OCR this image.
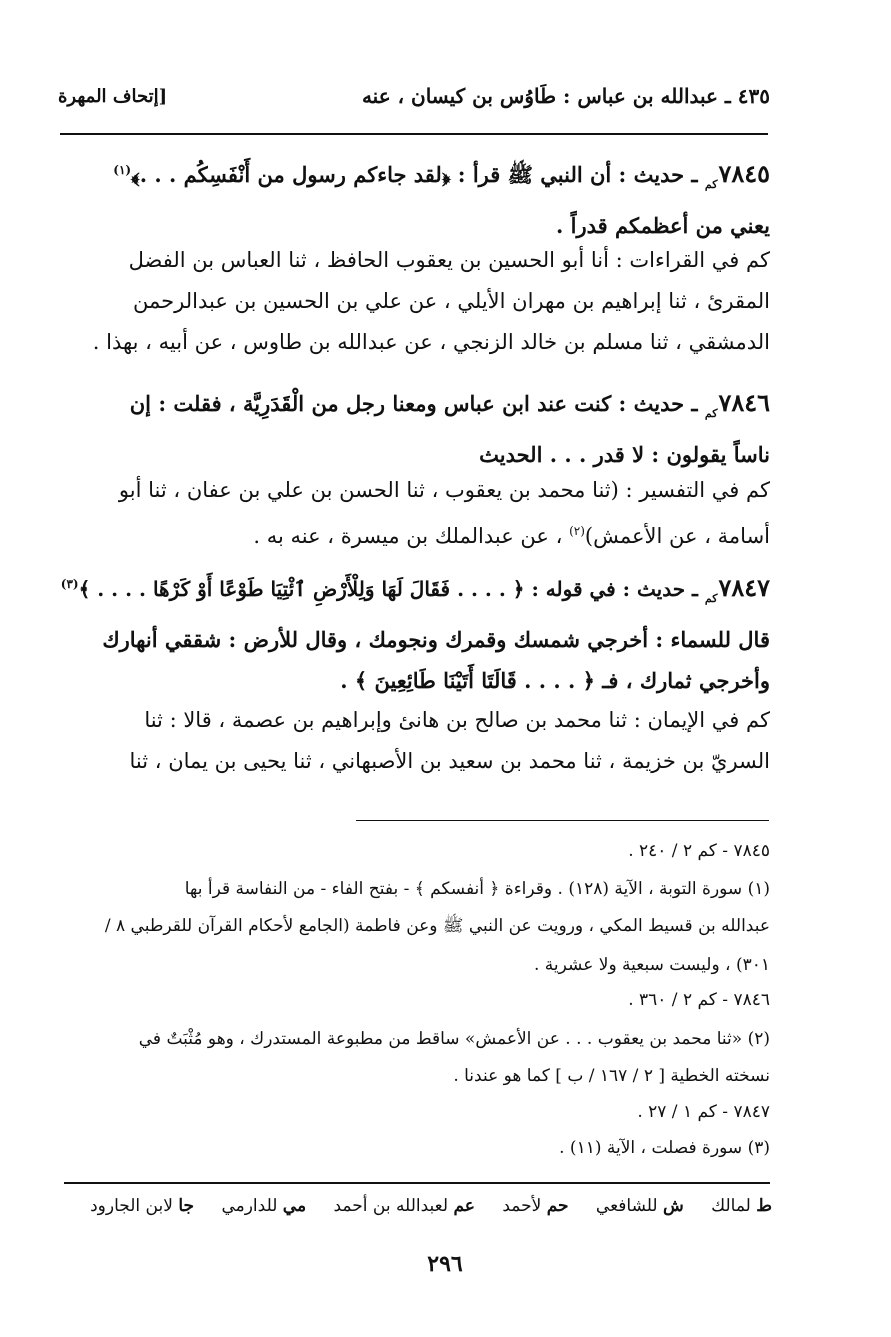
٤٣٥ ـ عبدالله بن عباس : طَاوُس بن كيسان ، عنه
[إتحاف المهرة
$٧٨٤٥_{كم}$ ـ حديث : أن النبي ﷺ قرأ : ﴿لقد جاءكم رسول من أَنْفَسِكُم . . .﴾$^{(١)}$
يعني من أعظمكم قدراً .
كم في القراءات : أنا أبو الحسين بن يعقوب الحافظ ، ثنا العباس بن الفضل
المقرئ ، ثنا إبراهيم بن مهران الأيلي ، عن علي بن الحسين بن عبدالرحمن
الدمشقي ، ثنا مسلم بن خالد الزنجي ، عن عبدالله بن طاوس ، عن أبيه ، بهذا .
$٧٨٤٦_{كم}$ ـ حديث : كنت عند ابن عباس ومعنا رجل من الْقَدَرِيَّة ، فقلت : إن
ناساً يقولون : لا قدر . . . الحديث
كم في التفسير : (ثنا محمد بن يعقوب ، ثنا الحسن بن علي بن عفان ، ثنا أبو
أسامة ، عن الأعمش)$^{(٢)}$ ، عن عبدالملك بن ميسرة ، عنه به .
$٧٨٤٧_{كم}$ ـ حديث : في قوله : ﴿ . . . . فَقَالَ لَهَا وَلِلْأَرْضِ ٱئْتِيَا طَوْعًا أَوْ كَرْهًا . . . . ﴾$^{(٣)}$
قال للسماء : أخرجي شمسك وقمرك ونجومك ، وقال للأرض : شققي أنهارك
وأخرجي ثمارك ، فـ ﴿ . . . . قَالَتَا أَتَيْنَا طَائِعِينَ ﴾ .
كم في الإيمان : ثنا محمد بن صالح بن هانئ وإبراهيم بن عصمة ، قالا : ثنا
السريّ بن خزيمة ، ثنا محمد بن سعيد بن الأصبهاني ، ثنا يحيى بن يمان ، ثنا
٧٨٤٥ - كم ٢ / ٢٤٠ .
(١) سورة التوبة ، الآية (١٢٨) . وقراءة ﴿ أنفسكم ﴾ - بفتح الفاء - من النفاسة قرأ بها
عبدالله بن قسيط المكي ، ورويت عن النبي ﷺ وعن فاطمة (الجامع لأحكام القرآن للقرطبي ٨ /
٣٠١) ، وليست سبعية ولا عشرية .
٧٨٤٦ - كم ٢ / ٣٦٠ .
(٢) «ثنا محمد بن يعقوب . . . عن الأعمش» ساقط من مطبوعة المستدرك ، وهو مُثْبَتٌ في
نسخته الخطية [ ٢ / ١٦٧ / ب ] كما هو عندنا .
٧٨٤٧ - كم ١ / ٢٧ .
(٣) سورة فصلت ، الآية (١١) .
ط لمالك ش للشافعي حم لأحمد عم لعبدالله بن أحمد مي للدارمي جا لابن الجارود
٢٩٦
